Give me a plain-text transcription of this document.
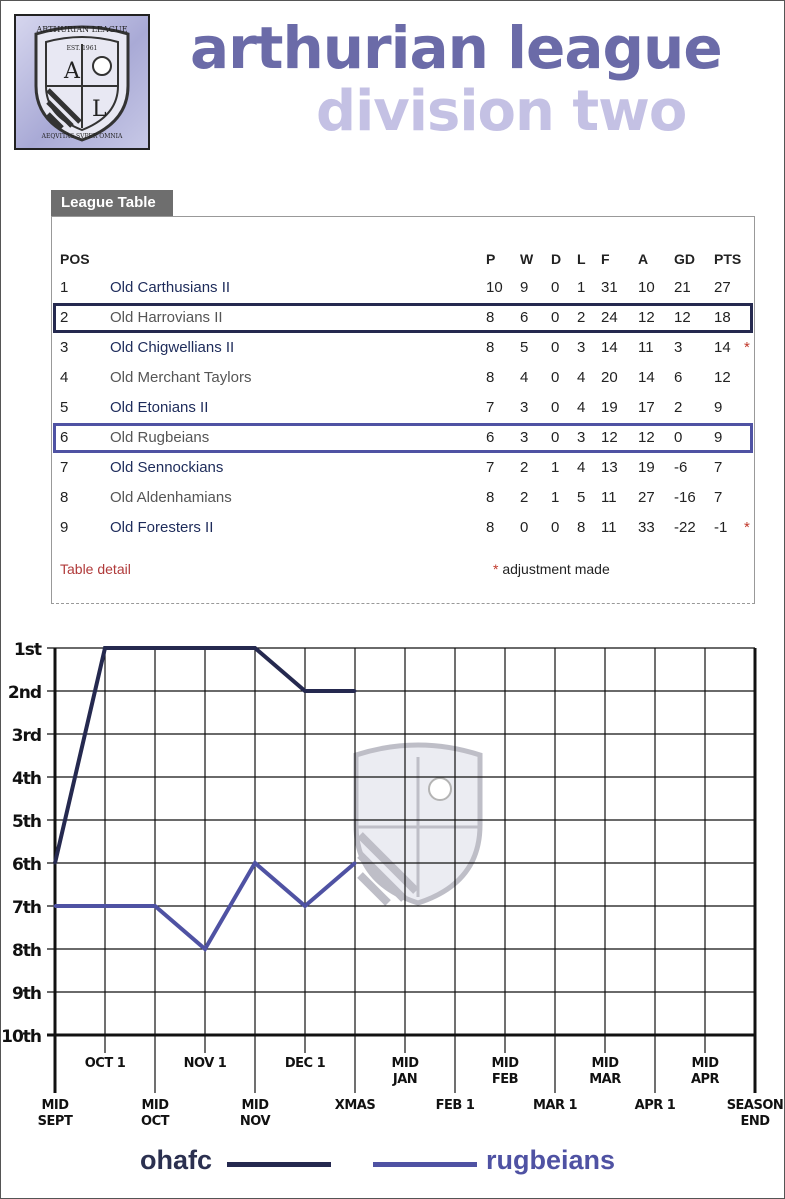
A
L
ARTHURIAN LEAGUE
EST. 1961
AEQVITAS SVPER OMNIA
arthurian league
division two
League Table
POS	P W D L F A GD PTS
1	Old Carthusians II	10 9 0 1 31 10 21 27
2	Old Harrovians II	8 6 0 2 24 12 12 18
3	Old Chigwellians II	8 5 0 3 14 11 3 14 *
4	Old Merchant Taylors	8 4 0 4 20 14 6 12
5	Old Etonians II	7 3 0 4 19 17 2 9
6	Old Rugbeians	6 3 0 3 12 12 0 9
7	Old Sennockians	7 2 1 4 13 19 -6 7
8	Old Aldenhamians	8 2 1 5 11 27 -16 7
9	Old Foresters II	8 0 0 8 11 33 -22 -1 *
Table detail	* adjustment made
1st
2nd
3rd
4th
5th
6th
7th
8th
9th
10th
MID SEPT
OCT 1
MID OCT
NOV 1
MID NOV
DEC 1
XMAS
MID JAN
FEB 1
MID FEB
MAR 1
MID MAR
APR 1
MID APR
SEASON END
ohafc	rugbeians
